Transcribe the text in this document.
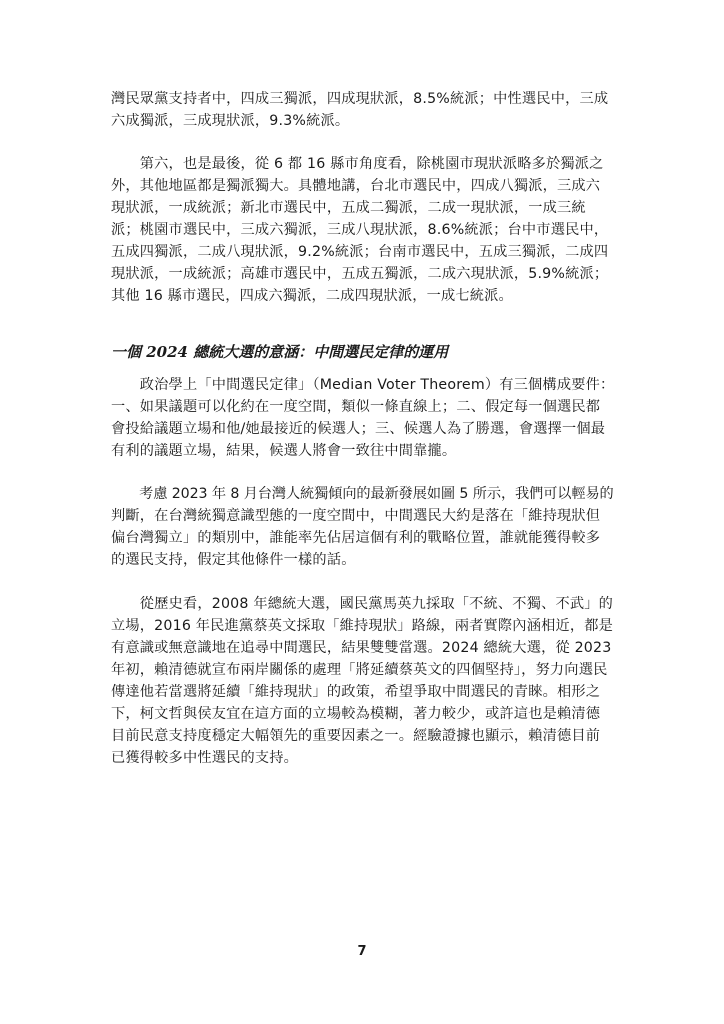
灣民眾黨支持者中，四成三獨派，四成現狀派，8.5%統派；中性選民中，三成
六成獨派，三成現狀派，9.3%統派。
　　第六，也是最後，從 6 都 16 縣市角度看，除桃園市現狀派略多於獨派之
外，其他地區都是獨派獨大。具體地講，台北市選民中，四成八獨派，三成六
現狀派，一成統派；新北市選民中，五成二獨派，二成一現狀派，一成三統
派；桃園市選民中，三成六獨派，三成八現狀派，8.6%統派；台中市選民中，
五成四獨派，二成八現狀派，9.2%統派；台南市選民中，五成三獨派，二成四
現狀派，一成統派；高雄市選民中，五成五獨派，二成六現狀派，5.9%統派；
其他 16 縣市選民，四成六獨派，二成四現狀派，一成七統派。
一個 2024 總統大選的意涵：中間選民定律的運用
　　政治學上「中間選民定律」（Median Voter Theorem）有三個構成要件：
一、如果議題可以化約在一度空間，類似一條直線上；二、假定每一個選民都
會投給議題立場和他/她最接近的候選人；三、候選人為了勝選，會選擇一個最
有利的議題立場，結果，候選人將會一致往中間靠攏。
　　考慮 2023 年 8 月台灣人統獨傾向的最新發展如圖 5 所示，我們可以輕易的
判斷，在台灣統獨意識型態的一度空間中，中間選民大約是落在「維持現狀但
偏台灣獨立」的類別中，誰能率先佔居這個有利的戰略位置，誰就能獲得較多
的選民支持，假定其他條件一樣的話。
　　從歷史看，2008 年總統大選，國民黨馬英九採取「不統、不獨、不武」的
立場，2016 年民進黨蔡英文採取「維持現狀」路線，兩者實際內涵相近，都是
有意識或無意識地在追尋中間選民，結果雙雙當選。2024 總統大選，從 2023
年初，賴清德就宣布兩岸關係的處理「將延續蔡英文的四個堅持」，努力向選民
傳達他若當選將延續「維持現狀」的政策，希望爭取中間選民的青睞。相形之
下，柯文哲與侯友宜在這方面的立場較為模糊，著力較少，或許這也是賴清德
目前民意支持度穩定大幅領先的重要因素之一。經驗證據也顯示，賴清德目前
已獲得較多中性選民的支持。
7
